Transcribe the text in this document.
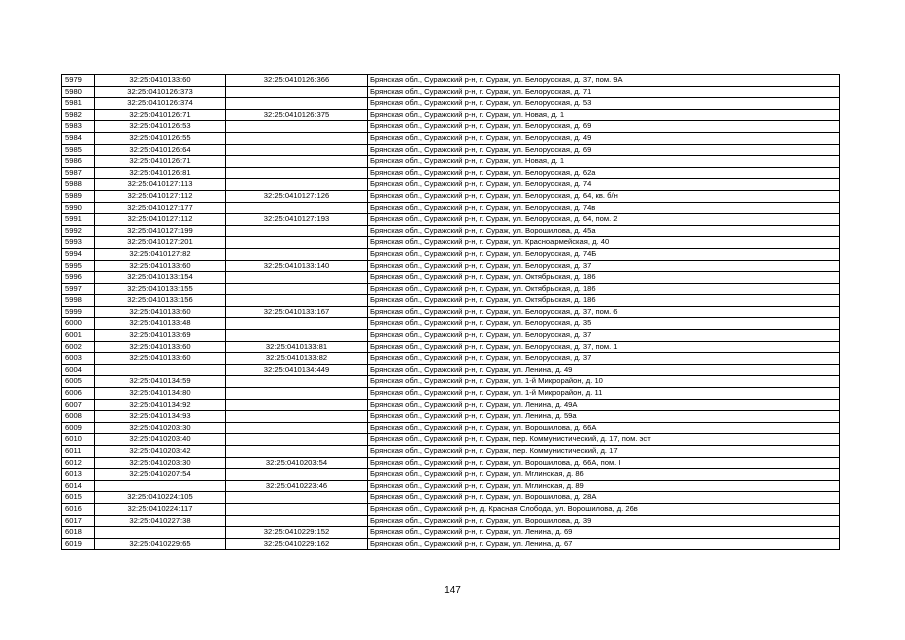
5979	32:25:0410133:60	32:25:0410126:366	Брянская обл., Суражский р-н, г. Сураж, ул. Белорусская, д. 37, пом. 9А
5980	32:25:0410126:373		Брянская обл., Суражский р-н, г. Сураж, ул. Белорусская, д. 71
5981	32:25:0410126:374		Брянская обл., Суражский р-н, г. Сураж, ул. Белорусская, д. 53
5982	32:25:0410126:71	32:25:0410126:375	Брянская обл., Суражский р-н, г. Сураж, ул. Новая, д. 1
5983	32:25:0410126:53		Брянская обл., Суражский р-н, г. Сураж, ул. Белорусская, д. 69
5984	32:25:0410126:55		Брянская обл., Суражский р-н, г. Сураж, ул. Белорусская, д. 49
5985	32:25:0410126:64		Брянская обл., Суражский р-н, г. Сураж, ул. Белорусская, д. 69
5986	32:25:0410126:71		Брянская обл., Суражский р-н, г. Сураж, ул. Новая, д. 1
5987	32:25:0410126:81		Брянская обл., Суражский р-н, г. Сураж, ул. Белорусская, д. 62а
5988	32:25:0410127:113		Брянская обл., Суражский р-н, г. Сураж, ул. Белорусская, д. 74
5989	32:25:0410127:112	32:25:0410127:126	Брянская обл., Суражский р-н, г. Сураж, ул. Белорусская, д. 64, кв. б/н
5990	32:25:0410127:177		Брянская обл., Суражский р-н, г. Сураж, ул. Белорусская, д. 74в
5991	32:25:0410127:112	32:25:0410127:193	Брянская обл., Суражский р-н, г. Сураж, ул. Белорусская, д. 64, пом. 2
5992	32:25:0410127:199		Брянская обл., Суражский р-н, г. Сураж, ул. Ворошилова, д. 45а
5993	32:25:0410127:201		Брянская обл., Суражский р-н, г. Сураж, ул. Красноармейская, д. 40
5994	32:25:0410127:82		Брянская обл., Суражский р-н, г. Сураж, ул. Белорусская, д. 74Б
5995	32:25:0410133:60	32:25:0410133:140	Брянская обл., Суражский р-н, г. Сураж, ул. Белорусская, д. 37
5996	32:25:0410133:154		Брянская обл., Суражский р-н, г. Сураж, ул. Октябрьская, д. 186
5997	32:25:0410133:155		Брянская обл., Суражский р-н, г. Сураж, ул. Октябрьская, д. 186
5998	32:25:0410133:156		Брянская обл., Суражский р-н, г. Сураж, ул. Октябрьская, д. 186
5999	32:25:0410133:60	32:25:0410133:167	Брянская обл., Суражский р-н, г. Сураж, ул. Белорусская, д. 37, пом. 6
6000	32:25:0410133:48		Брянская обл., Суражский р-н, г. Сураж, ул. Белорусская, д. 35
6001	32:25:0410133:69		Брянская обл., Суражский р-н, г. Сураж, ул. Белорусская, д. 37
6002	32:25:0410133:60	32:25:0410133:81	Брянская обл., Суражский р-н, г. Сураж, ул. Белорусская, д. 37, пом. 1
6003	32:25:0410133:60	32:25:0410133:82	Брянская обл., Суражский р-н, г. Сураж, ул. Белорусская, д. 37
6004		32:25:0410134:449	Брянская обл., Суражский р-н, г. Сураж, ул. Ленина, д. 49
6005	32:25:0410134:59		Брянская обл., Суражский р-н, г. Сураж, ул. 1-й Микрорайон, д. 10
6006	32:25:0410134:80		Брянская обл., Суражский р-н, г. Сураж, ул. 1-й Микрорайон, д. 11
6007	32:25:0410134:92		Брянская обл., Суражский р-н, г. Сураж, ул. Ленина, д. 49А
6008	32:25:0410134:93		Брянская обл., Суражский р-н, г. Сураж, ул. Ленина, д. 59а
6009	32:25:0410203:30		Брянская обл., Суражский р-н, г. Сураж, ул. Ворошилова, д. 66А
6010	32:25:0410203:40		Брянская обл., Суражский р-н, г. Сураж, пер. Коммунистический, д. 17, пом. эст
6011	32:25:0410203:42		Брянская обл., Суражский р-н, г. Сураж, пер. Коммунистический, д. 17
6012	32:25:0410203:30	32:25:0410203:54	Брянская обл., Суражский р-н, г. Сураж, ул. Ворошилова, д. 66А, пом. I
6013	32:25:0410207:54		Брянская обл., Суражский р-н, г. Сураж, ул. Мглинская, д. 86
6014		32:25:0410223:46	Брянская обл., Суражский р-н, г. Сураж, ул. Мглинская, д. 89
6015	32:25:0410224:105		Брянская обл., Суражский р-н, г. Сураж, ул. Ворошилова, д. 28А
6016	32:25:0410224:117		Брянская обл., Суражский р-н, д. Красная Слобода, ул. Ворошилова, д. 26в
6017	32:25:0410227:38		Брянская обл., Суражский р-н, г. Сураж, ул. Ворошилова, д. 39
6018		32:25:0410229:152	Брянская обл., Суражский р-н, г. Сураж, ул. Ленина, д. 69
6019	32:25:0410229:65	32:25:0410229:162	Брянская обл., Суражский р-н, г. Сураж, ул. Ленина, д. 67
147
